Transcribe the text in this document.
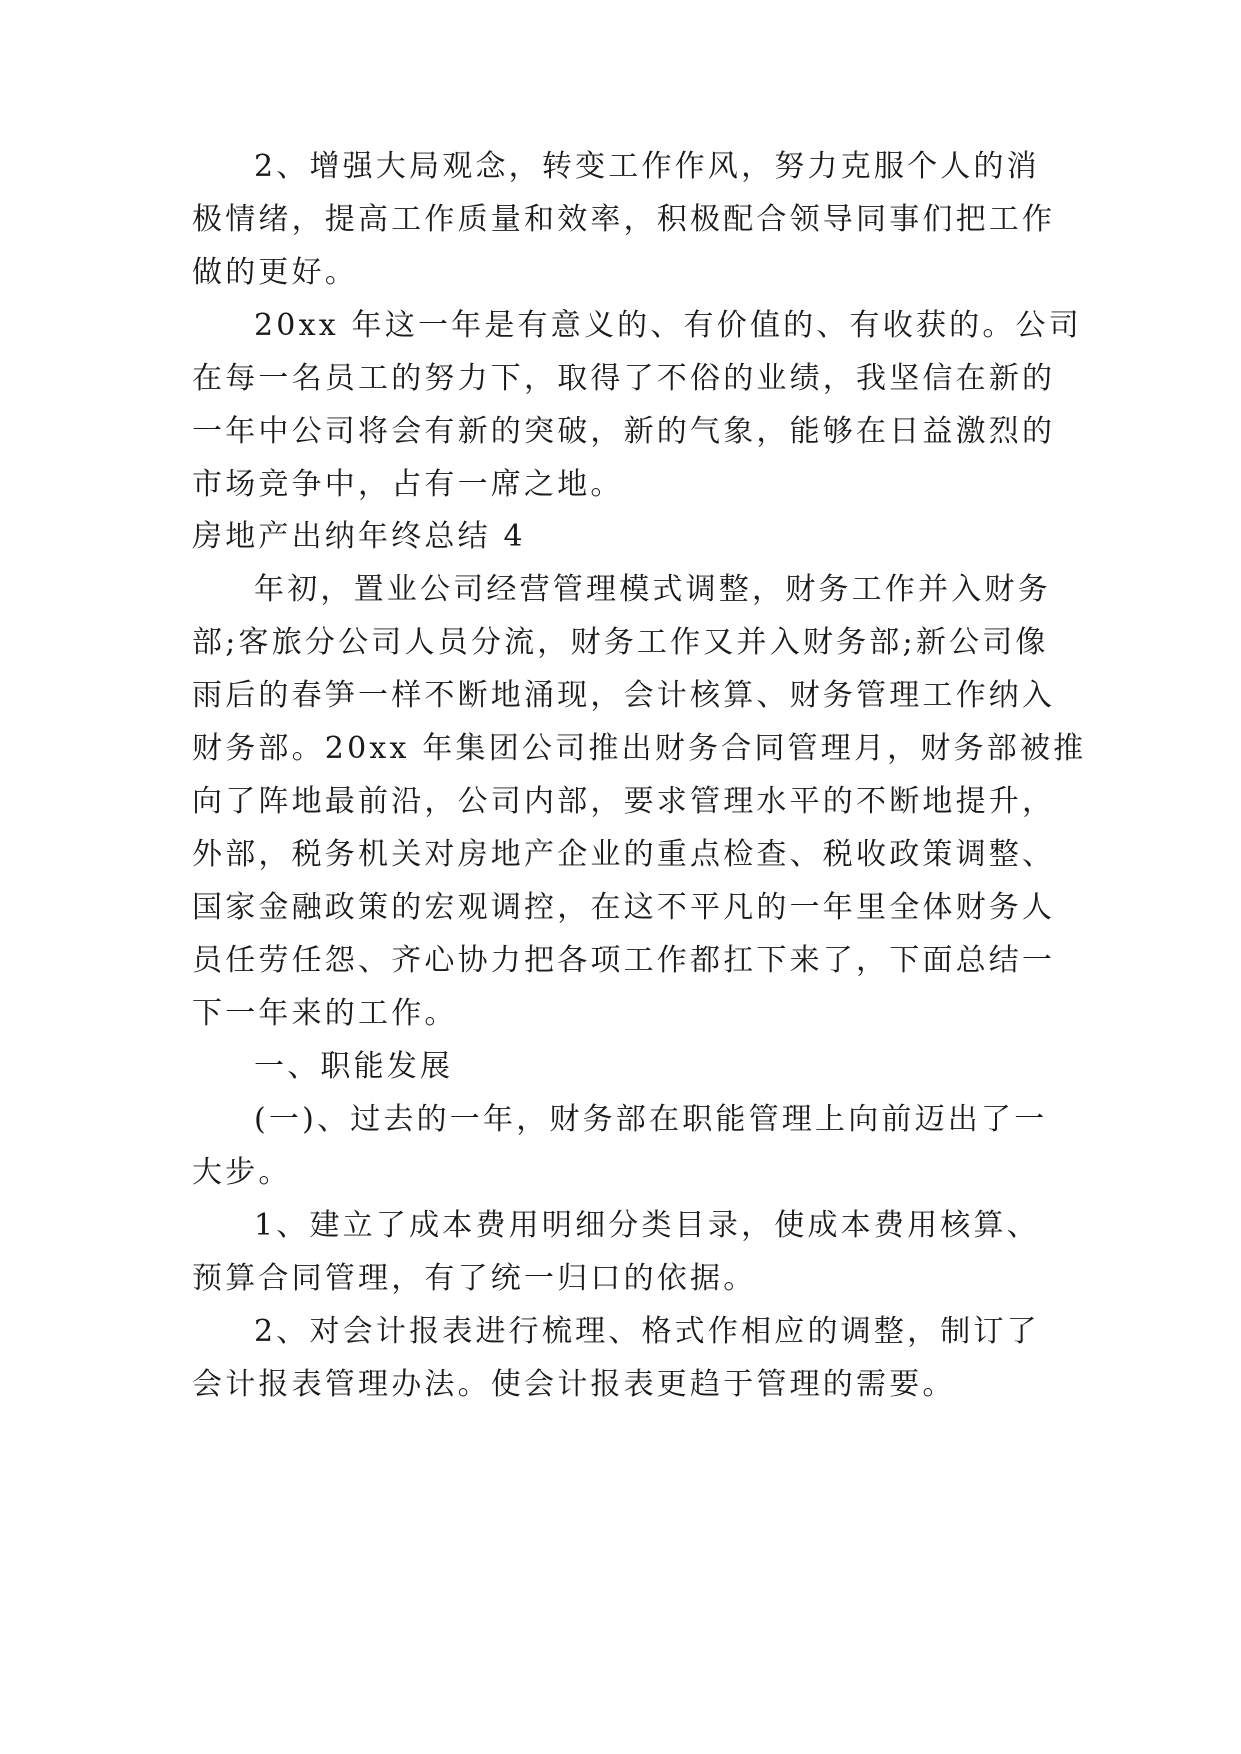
2、增强大局观念，转变工作作风，努力克服个人的消
极情绪，提高工作质量和效率，积极配合领导同事们把工作
做的更好。
20xx 年这一年是有意义的、有价值的、有收获的。公司
在每一名员工的努力下，取得了不俗的业绩，我坚信在新的
一年中公司将会有新的突破，新的气象，能够在日益激烈的
市场竞争中，占有一席之地。
房地产出纳年终总结 4
年初，置业公司经营管理模式调整，财务工作并入财务
部;客旅分公司人员分流，财务工作又并入财务部;新公司像
雨后的春笋一样不断地涌现，会计核算、财务管理工作纳入
财务部。20xx 年集团公司推出财务合同管理月，财务部被推
向了阵地最前沿，公司内部，要求管理水平的不断地提升，
外部，税务机关对房地产企业的重点检查、税收政策调整、
国家金融政策的宏观调控，在这不平凡的一年里全体财务人
员任劳任怨、齐心协力把各项工作都扛下来了，下面总结一
下一年来的工作。
一、职能发展
(一)、过去的一年，财务部在职能管理上向前迈出了一
大步。
1、建立了成本费用明细分类目录，使成本费用核算、
预算合同管理，有了统一归口的依据。
2、对会计报表进行梳理、格式作相应的调整，制订了
会计报表管理办法。使会计报表更趋于管理的需要。
